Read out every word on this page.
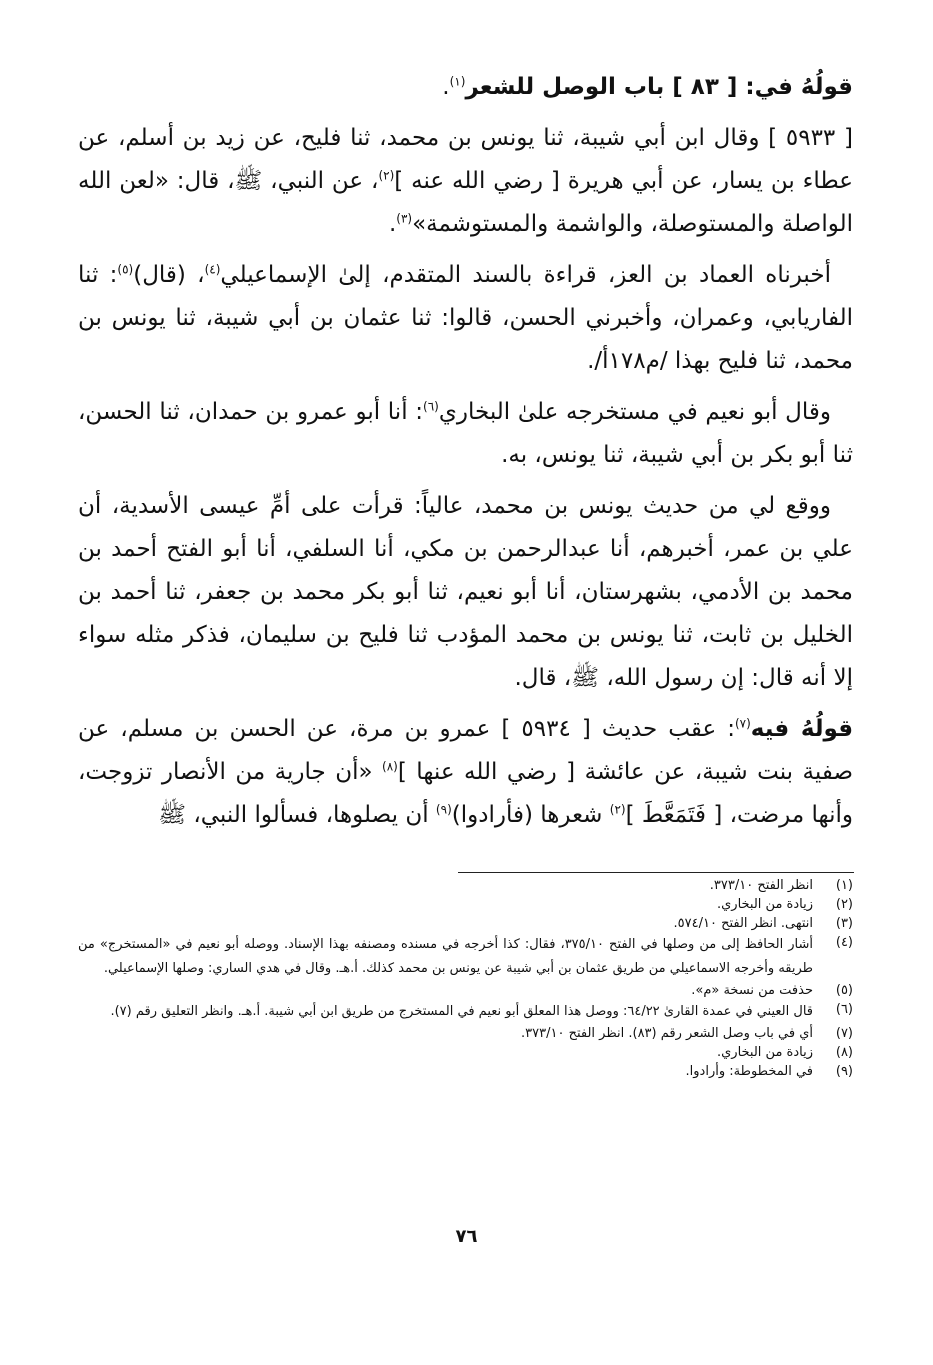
قولُهُ في: [ ٨٣ ] باب الوصل للشعر$^{(١)}$.

[ ٥٩٣٣ ] وقال ابن أبي شيبة، ثنا يونس بن محمد، ثنا فليح، عن زيد بن أسلم، عن عطاء بن يسار، عن أبي هريرة [ رضي الله عنه ]$^{(٢)}$، عن النبي، ﷺ، قال: «لعن الله الواصلة والمستوصلة، والواشمة والمستوشمة»$^{(٣)}$.

أخبرناه العماد بن العز، قراءة بالسند المتقدم، إلىٰ الإسماعيلي$^{(٤)}$، (قال)$^{(٥)}$: ثنا الفاريابي، وعمران، وأخبرني الحسن، قالوا: ثنا عثمان بن أبي شيبة، ثنا يونس بن محمد، ثنا فليح بهذا /م١٧٨أ/.

وقال أبو نعيم في مستخرجه علىٰ البخاري$^{(٦)}$: أنا أبو عمرو بن حمدان، ثنا الحسن، ثنا أبو بكر بن أبي شيبة، ثنا يونس، به.

ووقع لي من حديث يونس بن محمد، عالياً: قرأت على أمِّ عيسى الأسدية، أن علي بن عمر، أخبرهم، أنا عبدالرحمن بن مكي، أنا السلفي، أنا أبو الفتح أحمد بن محمد بن الأدمي، بشهرستان، أنا أبو نعيم، ثنا أبو بكر محمد بن جعفر، ثنا أحمد بن الخليل بن ثابت، ثنا يونس بن محمد المؤدب ثنا فليح بن سليمان، فذكر مثله سواء إلا أنه قال: إن رسول الله، ﷺ، قال.

قولُهُ فيه$^{(٧)}$: عقب حديث [ ٥٩٣٤ ] عمرو بن مرة، عن الحسن بن مسلم، عن صفية بنت شيبة، عن عائشة [ رضي الله عنها ]$^{(٨)}$ «أن جارية من الأنصار تزوجت، وأنها مرضت، [ فَتَمَعَّطَ ]$^{(٢)}$ شعرها (فأرادوا)$^{(٩)}$ أن يصلوها، فسألوا النبي، ﷺ

(١)
انظر الفتح ٣٧٣/١٠.
(٢)
زيادة من البخاري.
(٣)
انتهى. انظر الفتح ٥٧٤/١٠.
(٤)
أشار الحافظ إلى من وصلها في الفتح ٣٧٥/١٠، فقال: كذا أخرجه في مسنده ومصنفه بهذا الإسناد. ووصله أبو نعيم في «المستخرج» من طريقه وأخرجه الاسماعيلي من طريق عثمان بن أبي شيبة عن يونس بن محمد كذلك. أ.هـ. وقال في هدي الساري: وصلها الإسماعيلي.
(٥)
حذفت من نسخة «م».
(٦)
قال العيني في عمدة القارىٰ ٦٤/٢٢: ووصل هذا المعلق أبو نعيم في المستخرج من طريق ابن أبي شيبة. أ.هـ. وانظر التعليق رقم (٧).
(٧)
أي في باب وصل الشعر رقم (٨٣). انظر الفتح ٣٧٣/١٠.
(٨)
زيادة من البخاري.
(٩)
في المخطوطة: وأرادوا.
٧٦
